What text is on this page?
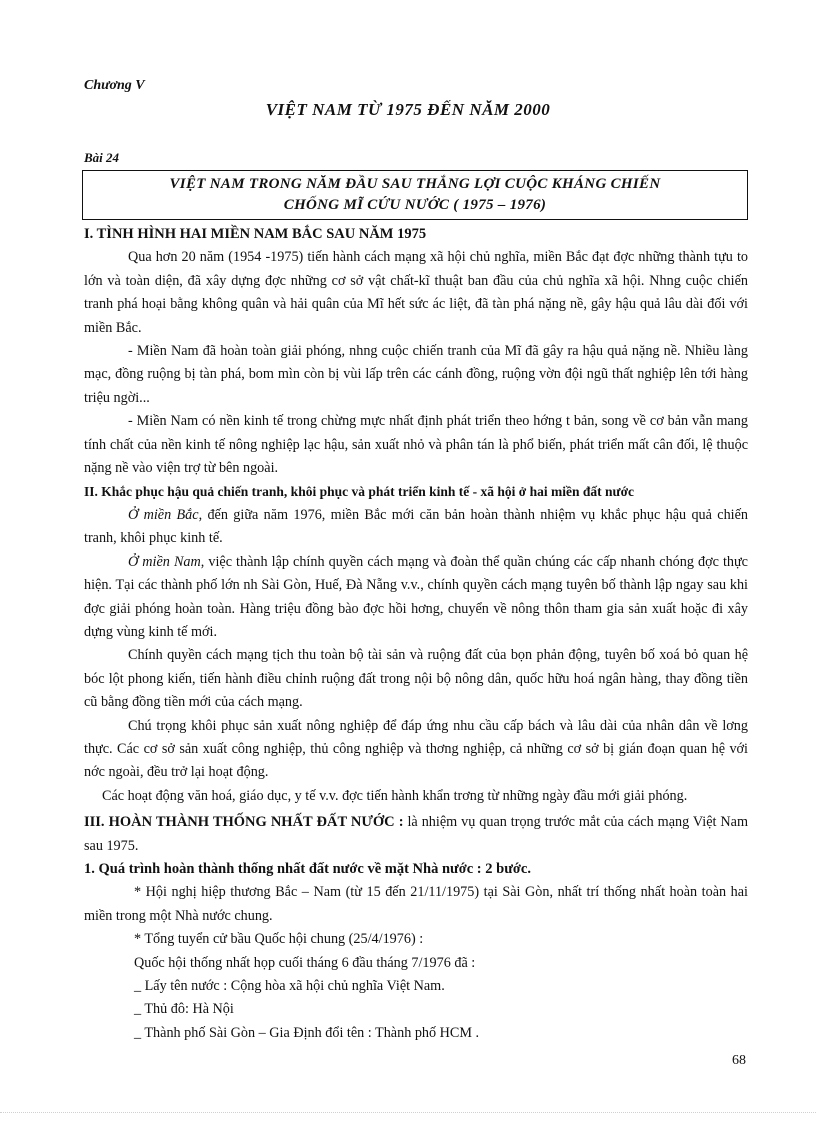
Chương V
VIỆT NAM TỪ 1975 ĐẾN NĂM 2000
Bài 24
VIỆT NAM TRONG NĂM ĐẦU SAU THẮNG LỢI CUỘC KHÁNG CHIẾN
CHỐNG MĨ CỨU NƯỚC ( 1975 – 1976)

I. TÌNH HÌNH HAI MIỀN NAM BẮC SAU NĂM 1975

Qua hơn 20 năm (1954 -1975) tiến hành cách mạng xã hội chủ nghĩa, miền Bắc đạt đợc những thành tựu to lớn và toàn diện, đã xây dựng đợc những cơ sở vật chất-kĩ thuật ban đầu của chủ nghĩa xã hội. Nhng cuộc chiến tranh phá hoại bằng không quân và hải quân của Mĩ hết sức ác liệt, đã tàn phá nặng nề, gây hậu quả lâu dài đối với miền Bắc.

- Miền Nam đã hoàn toàn giải phóng, nhng cuộc chiến tranh của Mĩ đã gây ra hậu quả nặng nề. Nhiều làng mạc, đồng ruộng bị tàn phá, bom mìn còn bị vùi lấp trên các cánh đồng, ruộng vờn đội ngũ thất nghiệp lên tới hàng triệu ngời...

- Miền Nam có nền kinh tế trong chừng mực nhất định phát triển theo hớng t bản, song về cơ bản vẫn mang tính chất của nền kinh tế nông nghiệp lạc hậu, sản xuất nhỏ và phân tán là phổ biến, phát triển mất cân đối, lệ thuộc nặng nề vào viện trợ từ bên ngoài.

II. Khắc phục hậu quả chiến tranh, khôi phục và phát triển kinh tế - xã hội ở hai miền đất nước

Ở miền Bắc, đến giữa năm 1976, miền Bắc mới căn bản hoàn thành nhiệm vụ khắc phục hậu quả chiến tranh, khôi phục kinh tế.

Ở miền Nam, việc thành lập chính quyền cách mạng và đoàn thể quần chúng các cấp nhanh chóng đợc thực hiện. Tại các thành phố lớn nh Sài Gòn, Huế, Đà Nẵng v.v., chính quyền cách mạng tuyên bố thành lập ngay sau khi đợc giải phóng hoàn toàn. Hàng triệu đồng bào đợc hồi hơng, chuyển về nông thôn tham gia sản xuất hoặc đi xây dựng vùng kinh tế mới.

Chính quyền cách mạng tịch thu toàn bộ tài sản và ruộng đất của bọn phản động, tuyên bố xoá bỏ quan hệ bóc lột phong kiến, tiến hành điều chỉnh ruộng đất trong nội bộ nông dân, quốc hữu hoá ngân hàng, thay đồng tiền cũ bằng đồng tiền mới của cách mạng.

Chú trọng khôi phục sản xuất nông nghiệp để đáp ứng nhu cầu cấp bách và lâu dài của nhân dân về lơng thực. Các cơ sở sản xuất công nghiệp, thủ công nghiệp và thơng nghiệp, cả những cơ sở bị gián đoạn quan hệ với nớc ngoài, đều trở lại hoạt động.

Các hoạt động văn hoá, giáo dục, y tế v.v. đợc tiến hành khẩn trơng từ những ngày đầu mới giải phóng.

III. HOÀN THÀNH THỐNG NHẤT ĐẤT NƯỚC : là nhiệm vụ quan trọng trước mắt của cách mạng Việt Nam sau 1975.

1. Quá trình hoàn thành thống nhất đất nước về mặt Nhà nước : 2 bước.

* Hội nghị hiệp thương Bắc – Nam (từ 15 đến 21/11/1975) tại Sài Gòn, nhất trí thống nhất hoàn toàn hai miền trong một Nhà nước chung.

* Tổng tuyển cử bầu Quốc hội chung (25/4/1976) :

Quốc hội thống nhất họp cuối tháng 6 đầu tháng 7/1976 đã :

_ Lấy tên nước : Cộng hòa xã hội chủ nghĩa Việt Nam.

_ Thủ đô: Hà Nội

_ Thành phố Sài Gòn – Gia Định đổi tên : Thành phố HCM .

68
